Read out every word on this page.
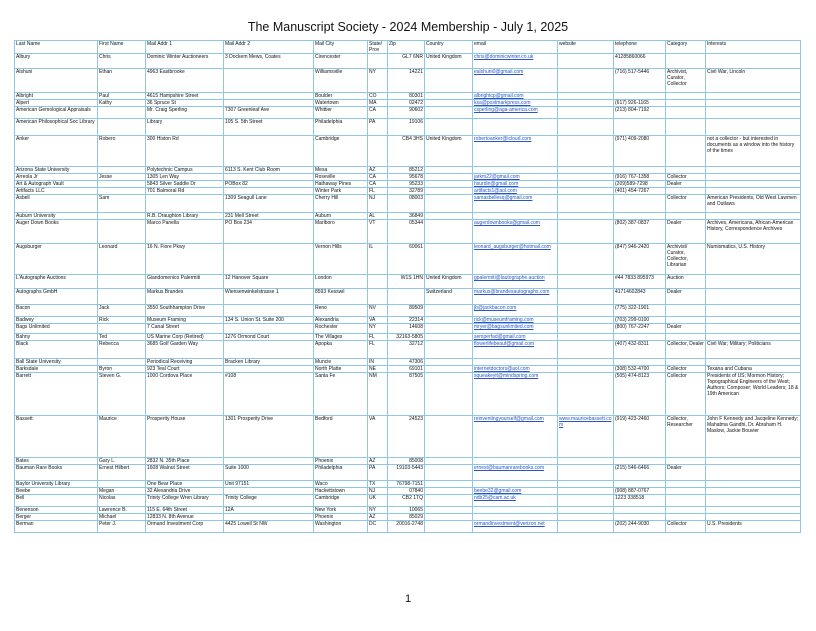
The Manuscript Society - 2024 Membership - July 1, 2025
Last Name	First Name	Mail Addr 1	Mail Addr 2	Mail City	State/ Prov	Zip	Country	email	website	telephone	Category	Interests
Albury	Chris	Dominic Winter Auctioneers	3 Dockem Mews, Coates	Cirencester		GL7 6NR	United Kingdom	chris@dominicwinter.co.uk		41285860066		
Alshuni	Ethan	4963 Eastbrooke		Williamsville	NY	14221		ealshuni0@gmail.com		(716) 517-5446	Archivist, Curator, Collector	Civil War, Lincoln
Albright	Paul	4615 Hampshire Street		Boulder	CO	80301		albrightcp@gmail.com				
Alpert	Kathy	36 Spruce St		Watertown	MA	02472		ksa@postmarkpress.com		(617) 926-1165		
American Gemological Appraisals		Mr. Craig Sperling	7307 Greenleaf Ave	Whittier	CA	90602		csperling@aga-america.com		(213) 804-7192		
American Philosophical Soc Library		Library	105 S. 5th Street	Philadelphia	PA	19106						
Anker	Robero	300 Histon Rd		Cambridge		CB4 3HS	United Kingdom	robertoanker@icloud.com		(971) 409-2080		not a collector - but interested in documents as a window into the history of the times
Arizona State University		Polytechnic Campus	6113 S. Kent Club Room	Mesa	AZ	85212						
Arreola Jr	Jesse	1305 Len Way		Roseville	CA	95678		jarkm22@gmail.com		(916) 767-1358	Collector	
Art & Autograph Vault		5843 Silver Saddle Dr	POBox 82	Hathaway Pines	CA	95233		hsurdin@gmail.com		(209)589-7298	Dealer	
Artifacts LLC		701 Balmoral Rd		Winter Park	FL	32789		artifacts1@aol.com		(401) 454-7267		
Asbell	Sam		1309 Seagull Lane	Cherry Hill	NJ	08003		samasbellesq@gmail.com			Collector	American Presidents, Old West Lawmen and Outlaws
Auburn University		R.B. Draughton Library	231 Mell Street	Auburn	AL	36849						
Auger Down Books		Marco Panella	PO Box 234	Marlboro	VT	05344		augerdownbooks@gmail.com		(802) 387-0837	Dealer	Archives, Americana, African-American History, Correspondence Archives
Augsburger	Leonard	16 N. Fiore Pkwy		Vernon Hills	IL	60061		leonard_augsburger@hotmail.com		(847) 946-2420	Archivist/ Curator, Collector, Librarian	Numismatics, U.S. History
L'Autographe Auctions		Giandomenico Palermiti	12 Hanover Square	London		W1S 1HN	United Kingdom	gpalermiti@lautographe.auction		#44 7833 895973	Auction	
Autographs GmbH		Markus Brandes	Wiensenwinkelstrasse 1	8593 Kesswil			Switzerland	markus@brandesautographs.com		41714602843	Dealer	
Bacon	Jack	3550 Southhampton Drive		Reno	NV	89509		jb@jackbacon.com		(775) 322-1901		
Badwey	Rick	Museum Framing	134 S. Union St. Suite 200	Alexandria	VA	22314		rick@museumframing.com		(703) 299-0100		
Bags Unlimited		7 Canal Street		Rochester	NY	14608		mryer@bagsunlimited.com		(800) 767-2247	Dealer	
Bahny	Ted	US Marine Corp (Retired)	1276 Ormond Court	The Villages	FL	32163-5805		semperfad@gmail.com				
Black	Rebecca	3685 Golf Garden Way		Apopka	FL	32712		flowerlifebeauf@gmail.com		(407) 432-8311	Collector, Dealer	Civil War; Military; Politicians
Ball State University		Periodical Receiving	Bracken Library	Muncie	IN	47306						
Barksdale	Byron	923 Teal Court		North Platte	NE	69101		internetdoctors@aol.com		(308) 532-4700	Collector	Texana and Cubana
Barrett	Steven G.	1000 Cordova Place	#108	Santa Fe	NM	87505		squeakeyit@mindspring.com		(505) 474-8123	Collector	Presidents of US; Mormon History; Topographical Engineers of the West; Authors; Composer; World Leaders; 18 & 19th American
Bassett	Maurice	Prosperity House	1301 Prosperity Drive	Bedford	VA	24523		reinventingyourself@gmail.com	www.mauricebassett.com	(919) 423-2460	Collector, Researcher	John F Kennedy and Jacqeline Kennedy; Mahatma Gandhi, Dr. Abraham H. Maslow, Jackie Bouvier
Bates	Gary L.	2832 N. 35th Place		Phoenix	AZ	85008						
Bauman Rare Books	Ernest Hilbert	1608 Walnut Street	Suite 1000	Philadelphia	PA	19103-5443		ernest@baumanrarebooks.com		(215) 546-6466	Dealer	
Baylor University Library		One Bear Place	Unit 97151	Waco	TX	76798-7151						
Beebe	Megan	32 Alexandria Drive		Hackettstown	NJ	07840		beebe32@gmail.com		(908) 887-0767		
Bell	Nicolas	Trinity College Wren Library	Trinity College	Cambridge	UK	CB2 1TQ		ndb25@cam.ac.uk		1223 338518		
Benenson	Lawrence B.	115 E. 64th Street	12A	New York	NY	10065						
Berger	Michael	12833 N. 8th Avenue		Phoenix	AZ	85029						
Berman	Peter J.	Ormand Investment Corp	4425 Lowell St NW	Washington	DC	20016-2748		ormandinvestment@verizon.net		(202) 244-9030	Collector	U.S. Presidents
1
